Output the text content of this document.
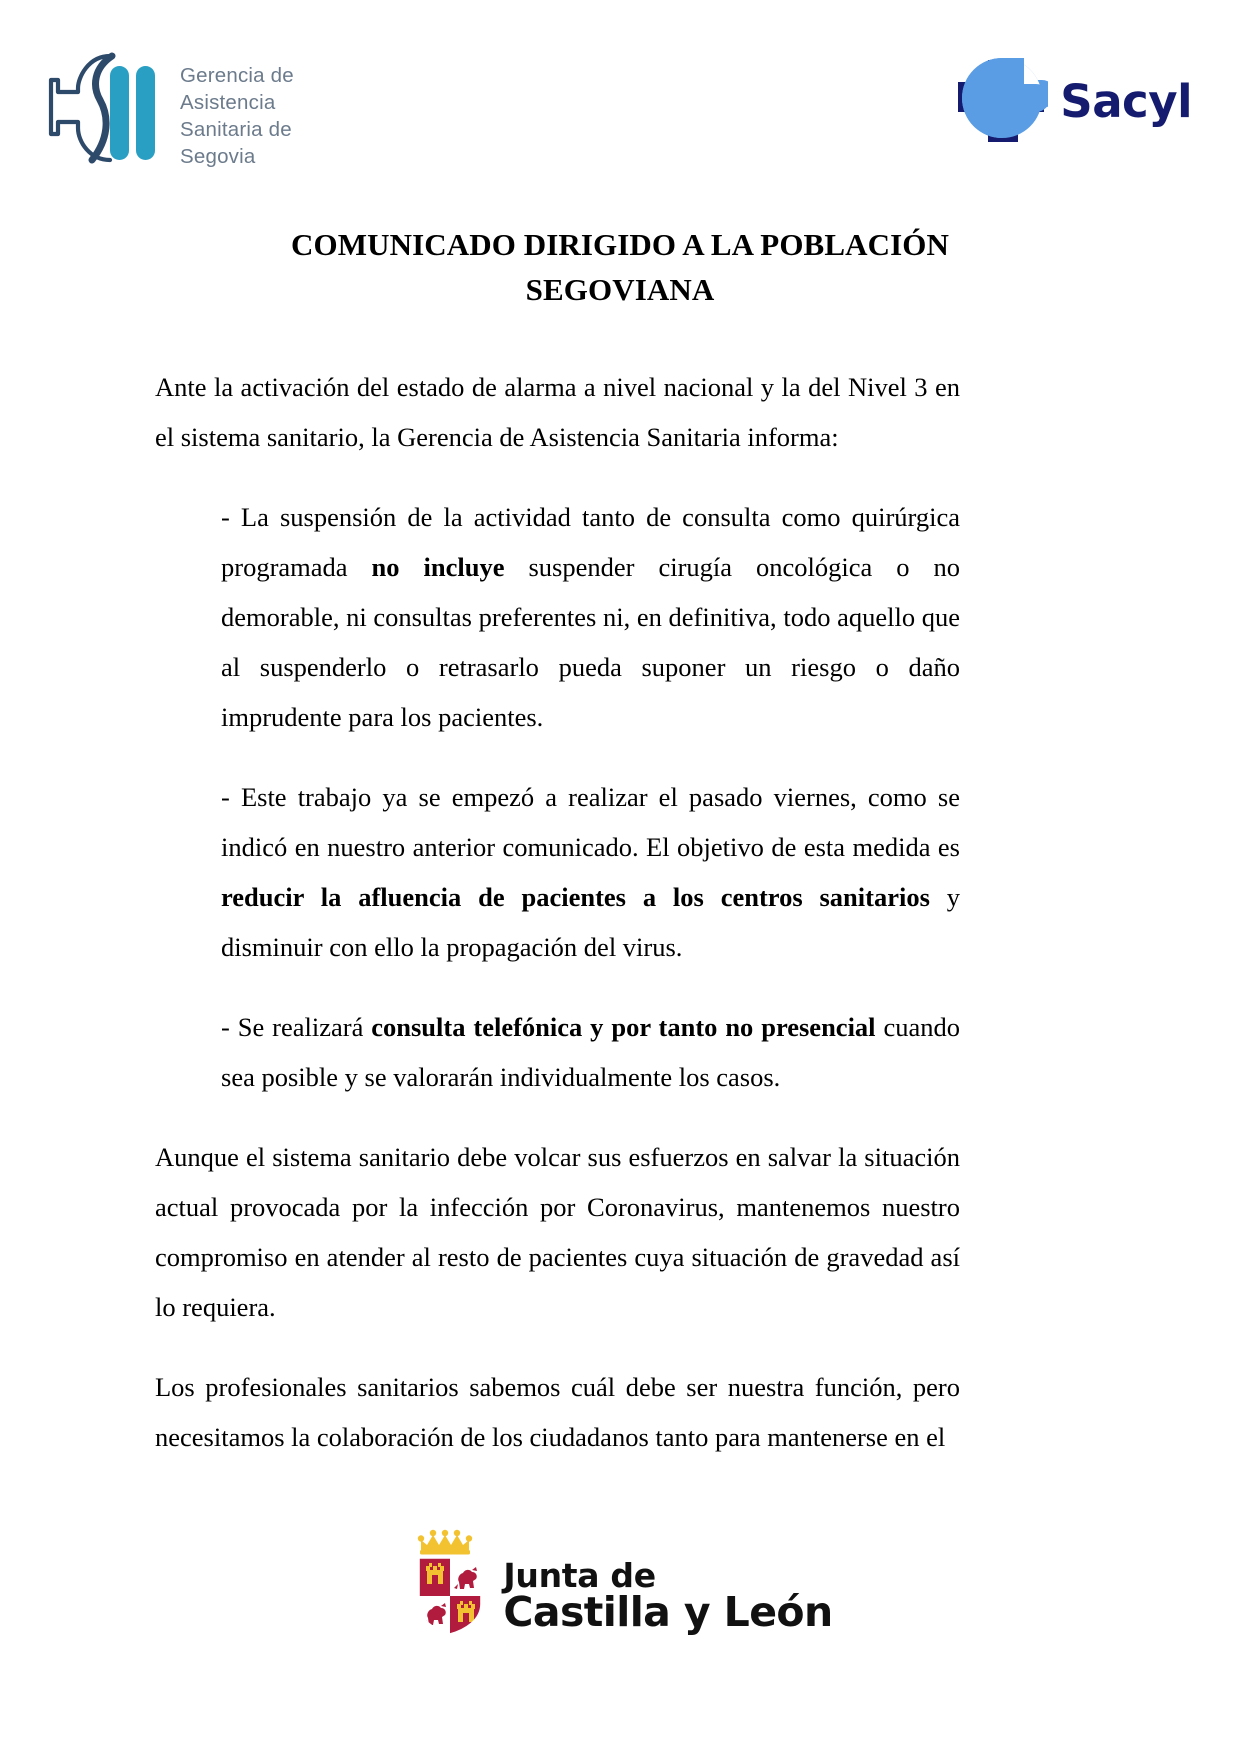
Gerencia de
Asistencia
Sanitaria de
Segovia
Sacyl
COMUNICADO DIRIGIDO A LA POBLACIÓN
SEGOVIANA

Ante la activación del estado de alarma a nivel nacional y la del Nivel 3 en el sistema sanitario, la Gerencia de Asistencia Sanitaria informa:

- La suspensión de la actividad tanto de consulta como quirúrgica programada no incluye suspender cirugía oncológica o no demorable, ni consultas preferentes ni, en definitiva, todo aquello que al suspenderlo o retrasarlo pueda suponer un riesgo o daño imprudente para los pacientes.

- Este trabajo ya se empezó a realizar el pasado viernes, como se indicó en nuestro anterior comunicado. El objetivo de esta medida es reducir la afluencia de pacientes a los centros sanitarios y disminuir con ello la propagación del virus.

- Se realizará consulta telefónica y por tanto no presencial cuando sea posible y se valorarán individualmente los casos.

Aunque el sistema sanitario debe volcar sus esfuerzos en salvar la situación actual provocada por la infección por Coronavirus, mantenemos nuestro compromiso en atender al resto de pacientes cuya situación de gravedad así lo requiera.

Los profesionales sanitarios sabemos cuál debe ser nuestra función, pero necesitamos la colaboración de los ciudadanos tanto para mantenerse en el

Junta de
Castilla y León
